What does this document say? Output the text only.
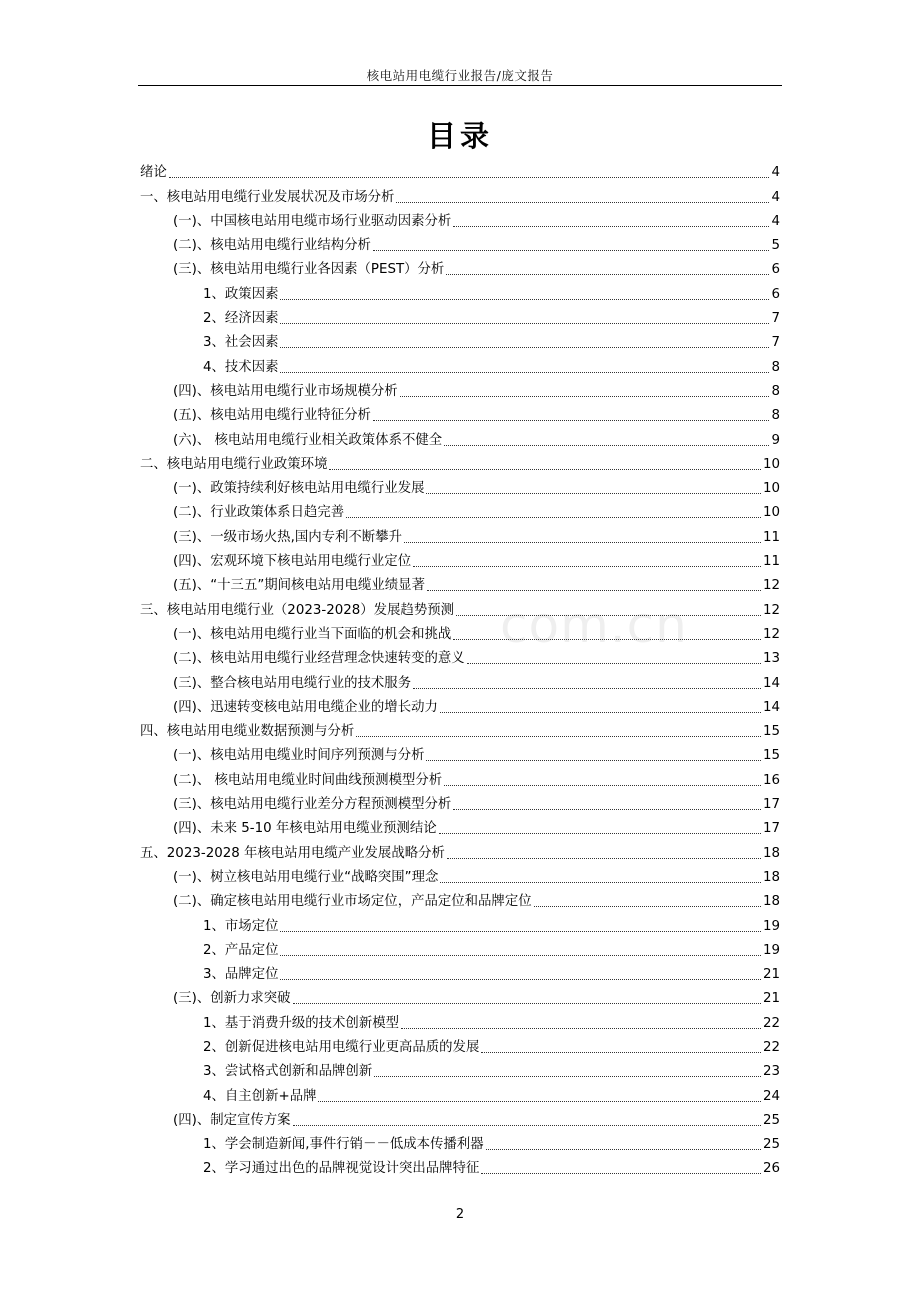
核电站用电缆行业报告/庞文报告
目录
com.cn
绪论	4
一、核电站用电缆行业发展状况及市场分析	4
(一)、中国核电站用电缆市场行业驱动因素分析	4
(二)、核电站用电缆行业结构分析	5
(三)、核电站用电缆行业各因素（PEST）分析	6
1、政策因素	6
2、经济因素	7
3、社会因素	7
4、技术因素	8
(四)、核电站用电缆行业市场规模分析	8
(五)、核电站用电缆行业特征分析	8
(六)、 核电站用电缆行业相关政策体系不健全	9
二、核电站用电缆行业政策环境	10
(一)、政策持续利好核电站用电缆行业发展	10
(二)、行业政策体系日趋完善	10
(三)、一级市场火热,国内专利不断攀升	11
(四)、宏观环境下核电站用电缆行业定位	11
(五)、“十三五”期间核电站用电缆业绩显著	12
三、核电站用电缆行业（2023-2028）发展趋势预测	12
(一)、核电站用电缆行业当下面临的机会和挑战	12
(二)、核电站用电缆行业经营理念快速转变的意义	13
(三)、整合核电站用电缆行业的技术服务	14
(四)、迅速转变核电站用电缆企业的增长动力	14
四、核电站用电缆业数据预测与分析	15
(一)、核电站用电缆业时间序列预测与分析	15
(二)、 核电站用电缆业时间曲线预测模型分析	16
(三)、核电站用电缆行业差分方程预测模型分析	17
(四)、未来 5-10 年核电站用电缆业预测结论	17
五、2023-2028 年核电站用电缆产业发展战略分析	18
(一)、树立核电站用电缆行业“战略突围”理念	18
(二)、确定核电站用电缆行业市场定位，产品定位和品牌定位	18
1、市场定位	19
2、产品定位	19
3、品牌定位	21
(三)、创新力求突破	21
1、基于消费升级的技术创新模型	22
2、创新促进核电站用电缆行业更高品质的发展	22
3、尝试格式创新和品牌创新	23
4、自主创新+品牌	24
(四)、制定宣传方案	25
1、学会制造新闻,事件行销－－低成本传播利器	25
2、学习通过出色的品牌视觉设计突出品牌特征	26
2
